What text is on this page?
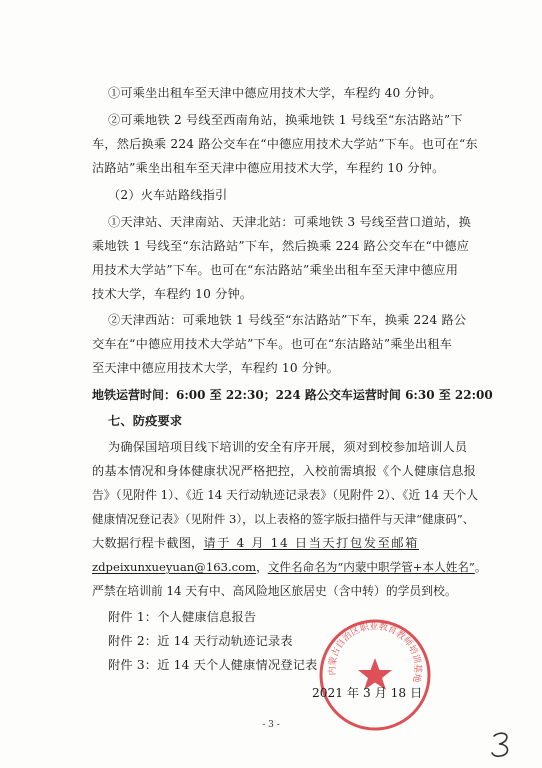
①可乘坐出租车至天津中德应用技术大学，车程约 40 分钟。
②可乘地铁 2 号线至西南角站，换乘地铁 1 号线至“东沽路站”下
车，然后换乘 224 路公交车在“中德应用技术大学站”下车。也可在“东
沽路站”乘坐出租车至天津中德应用技术大学，车程约 10 分钟。
（2）火车站路线指引
①天津站、天津南站、天津北站：可乘地铁 3 号线至营口道站，换
乘地铁 1 号线至“东沽路站”下车，然后换乘 224 路公交车在“中德应
用技术大学站”下车。也可在“东沽路站”乘坐出租车至天津中德应用
技术大学，车程约 10 分钟。
②天津西站：可乘地铁 1 号线至“东沽路站”下车，换乘 224 路公
交车在“中德应用技术大学站”下车。也可在“东沽路站”乘坐出租车
至天津中德应用技术大学，车程约 10 分钟。
地铁运营时间：6:00 至 22:30；224 路公交车运营时间 6:30 至 22:00
七、防疫要求
为确保国培项目线下培训的安全有序开展，须对到校参加培训人员
的基本情况和身体健康状况严格把控，入校前需填报《个人健康信息报
告》（见附件 1）、《近 14 天行动轨迹记录表》（见附件 2）、《近 14 天个人
健康情况登记表》（见附件 3），以上表格的签字版扫描件与天津“健康码”、
大数据行程卡截图，请于 4 月 14 日当天打包发至邮箱
zdpeixunxueyuan@163.com，文件名命名为“内蒙中职学管+本人姓名”。
严禁在培训前 14 天有中、高风险地区旅居史（含中转）的学员到校。
附件 1：个人健康信息报告
附件 2：近 14 天行动轨迹记录表
附件 3：近 14 天个人健康情况登记表 内蒙古自治区职业教育教师培训基地
2021 年 3 月 18 日
- 3 -
